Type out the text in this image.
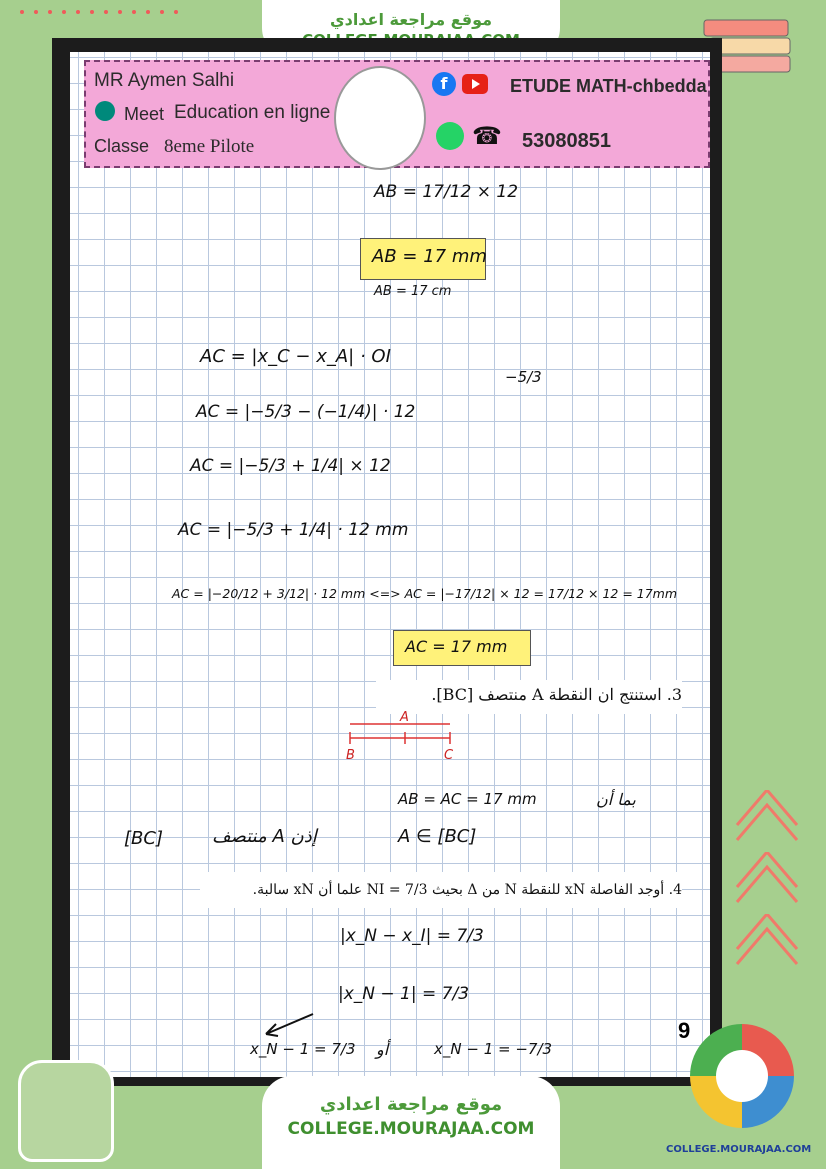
موقع مراجعة اعدادي
MR Aymen Salhi
Meet Education en ligne
Classe 8eme Pilote
ETUDE MATH-chbedda
53080851
f
☎
AB = 17/12 × 12
AB = 17 mm
AB = 17 cm
AC = |x_C − x_A| · OI
−5/3
AC = |−5/3 − (−1/4)| · 12
AC = |−5/3 + 1/4| × 12
AC = |−5/3 + 1/4| · 12 mm
AC = |−20/12 + 3/12| · 12 mm <=> AC = |−17/12| × 12 = 17/12 × 12 = 17mm
AC = 17 mm
3. استنتج ان النقطة A منتصف [BC].
A
B	C
AB = AC = 17 mm	بما أن
[BC]	منتصف A إذن	A ∈ [BC]
4. أوجد الفاصلة xN للنقطة N من Δ بحيث NI = 7/3 علما أن xN سالبة.
|x_N − x_I| = 7/3
|x_N − 1| = 7/3
x_N − 1 = 7/3 أو	x_N − 1 = −7/3
9
موقع مراجعة اعدادي
COLLEGE.MOURAJAA.COM
COLLEGE.MOURAJAA.COM
